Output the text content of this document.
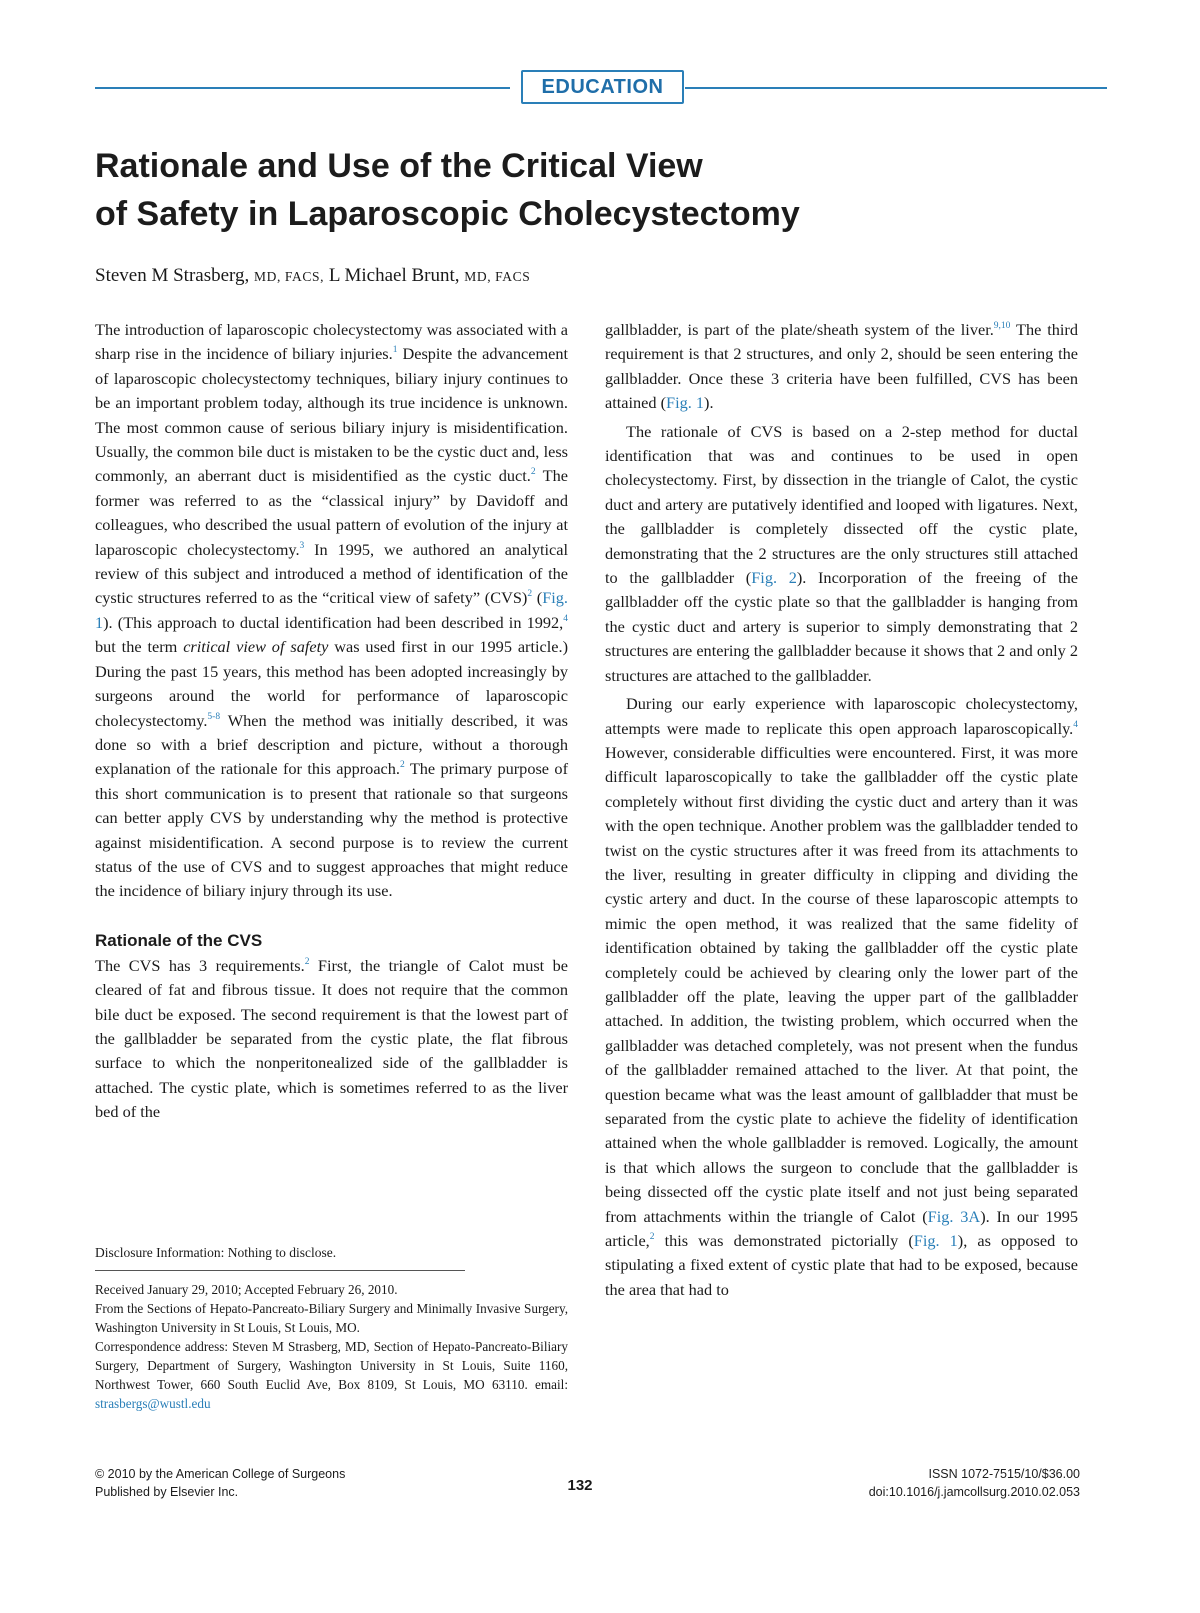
EDUCATION
Rationale and Use of the Critical View
of Safety in Laparoscopic Cholecystectomy

Steven M Strasberg, MD, FACS, L Michael Brunt, MD, FACS

The introduction of laparoscopic cholecystectomy was associated with a sharp rise in the incidence of biliary injuries.$^1$ Despite the advancement of laparoscopic cholecystectomy techniques, biliary injury continues to be an important problem today, although its true incidence is unknown. The most common cause of serious biliary injury is misidentification. Usually, the common bile duct is mistaken to be the cystic duct and, less commonly, an aberrant duct is misidentified as the cystic duct.$^2$ The former was referred to as the “classical injury” by Davidoff and colleagues, who described the usual pattern of evolution of the injury at laparoscopic cholecystectomy.$^3$ In 1995, we authored an analytical review of this subject and introduced a method of identification of the cystic structures referred to as the “critical view of safety” (CVS)$^2$ (Fig. 1). (This approach to ductal identification had been described in 1992,$^4$ but the term critical view of safety was used first in our 1995 article.) During the past 15 years, this method has been adopted increasingly by surgeons around the world for performance of laparoscopic cholecystectomy.$^{5-8}$ When the method was initially described, it was done so with a brief description and picture, without a thorough explanation of the rationale for this approach.$^2$ The primary purpose of this short communication is to present that rationale so that surgeons can better apply CVS by understanding why the method is protective against misidentification. A second purpose is to review the current status of the use of CVS and to suggest approaches that might reduce the incidence of biliary injury through its use.

Rationale of the CVS

The CVS has 3 requirements.$^2$ First, the triangle of Calot must be cleared of fat and fibrous tissue. It does not require that the common bile duct be exposed. The second requirement is that the lowest part of the gallbladder be separated from the cystic plate, the flat fibrous surface to which the nonperitonealized side of the gallbladder is attached. The cystic plate, which is sometimes referred to as the liver bed of the

gallbladder, is part of the plate/sheath system of the liver.$^{9,10}$ The third requirement is that 2 structures, and only 2, should be seen entering the gallbladder. Once these 3 criteria have been fulfilled, CVS has been attained (Fig. 1).

The rationale of CVS is based on a 2-step method for ductal identification that was and continues to be used in open cholecystectomy. First, by dissection in the triangle of Calot, the cystic duct and artery are putatively identified and looped with ligatures. Next, the gallbladder is completely dissected off the cystic plate, demonstrating that the 2 structures are the only structures still attached to the gallbladder (Fig. 2). Incorporation of the freeing of the gallbladder off the cystic plate so that the gallbladder is hanging from the cystic duct and artery is superior to simply demonstrating that 2 structures are entering the gallbladder because it shows that 2 and only 2 structures are attached to the gallbladder.

During our early experience with laparoscopic cholecystectomy, attempts were made to replicate this open approach laparoscopically.$^4$ However, considerable difficulties were encountered. First, it was more difficult laparoscopically to take the gallbladder off the cystic plate completely without first dividing the cystic duct and artery than it was with the open technique. Another problem was the gallbladder tended to twist on the cystic structures after it was freed from its attachments to the liver, resulting in greater difficulty in clipping and dividing the cystic artery and duct. In the course of these laparoscopic attempts to mimic the open method, it was realized that the same fidelity of identification obtained by taking the gallbladder off the cystic plate completely could be achieved by clearing only the lower part of the gallbladder off the plate, leaving the upper part of the gallbladder attached. In addition, the twisting problem, which occurred when the gallbladder was detached completely, was not present when the fundus of the gallbladder remained attached to the liver. At that point, the question became what was the least amount of gallbladder that must be separated from the cystic plate to achieve the fidelity of identification attained when the whole gallbladder is removed. Logically, the amount is that which allows the surgeon to conclude that the gallbladder is being dissected off the cystic plate itself and not just being separated from attachments within the triangle of Calot (Fig. 3A). In our 1995 article,$^2$ this was demonstrated pictorially (Fig. 1), as opposed to stipulating a fixed extent of cystic plate that had to be exposed, because the area that had to

Disclosure Information: Nothing to disclose.

Received January 29, 2010; Accepted February 26, 2010.

From the Sections of Hepato-Pancreato-Biliary Surgery and Minimally Invasive Surgery, Washington University in St Louis, St Louis, MO.

Correspondence address: Steven M Strasberg, MD, Section of Hepato-Pancreato-Biliary Surgery, Department of Surgery, Washington University in St Louis, Suite 1160, Northwest Tower, 660 South Euclid Ave, Box 8109, St Louis, MO 63110. email: strasbergs@wustl.edu

© 2010 by the American College of Surgeons
Published by Elsevier Inc.	132
ISSN 1072-7515/10/$36.00
doi:10.1016/j.jamcollsurg.2010.02.053
